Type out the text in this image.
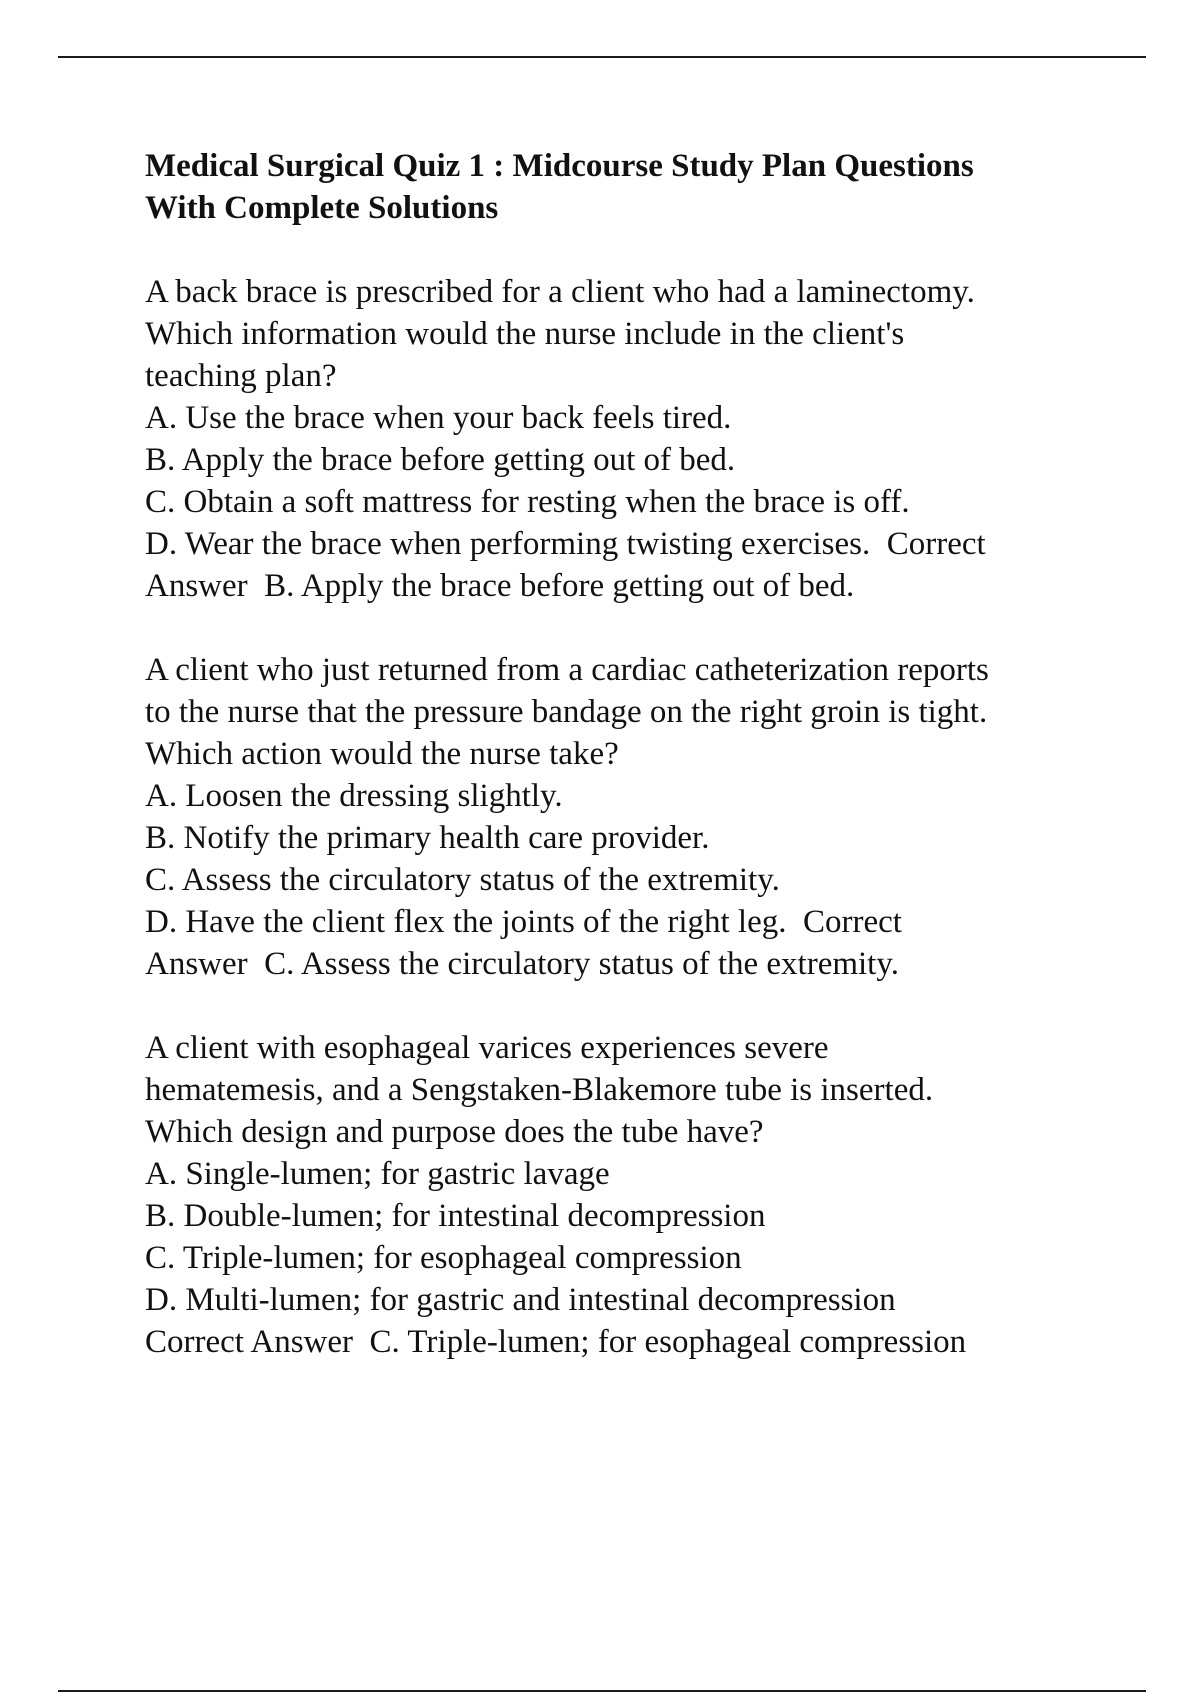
Medical Surgical Quiz 1 : Midcourse Study Plan Questions
With Complete Solutions
A back brace is prescribed for a client who had a laminectomy.
Which information would the nurse include in the client's
teaching plan?
A. Use the brace when your back feels tired.
B. Apply the brace before getting out of bed.
C. Obtain a soft mattress for resting when the brace is off.
D. Wear the brace when performing twisting exercises.  Correct
Answer  B. Apply the brace before getting out of bed.
A client who just returned from a cardiac catheterization reports
to the nurse that the pressure bandage on the right groin is tight.
Which action would the nurse take?
A. Loosen the dressing slightly.
B. Notify the primary health care provider.
C. Assess the circulatory status of the extremity.
D. Have the client flex the joints of the right leg.  Correct
Answer  C. Assess the circulatory status of the extremity.
A client with esophageal varices experiences severe
hematemesis, and a Sengstaken-Blakemore tube is inserted.
Which design and purpose does the tube have?
A. Single-lumen; for gastric lavage
B. Double-lumen; for intestinal decompression
C. Triple-lumen; for esophageal compression
D. Multi-lumen; for gastric and intestinal decompression
Correct Answer  C. Triple-lumen; for esophageal compression
